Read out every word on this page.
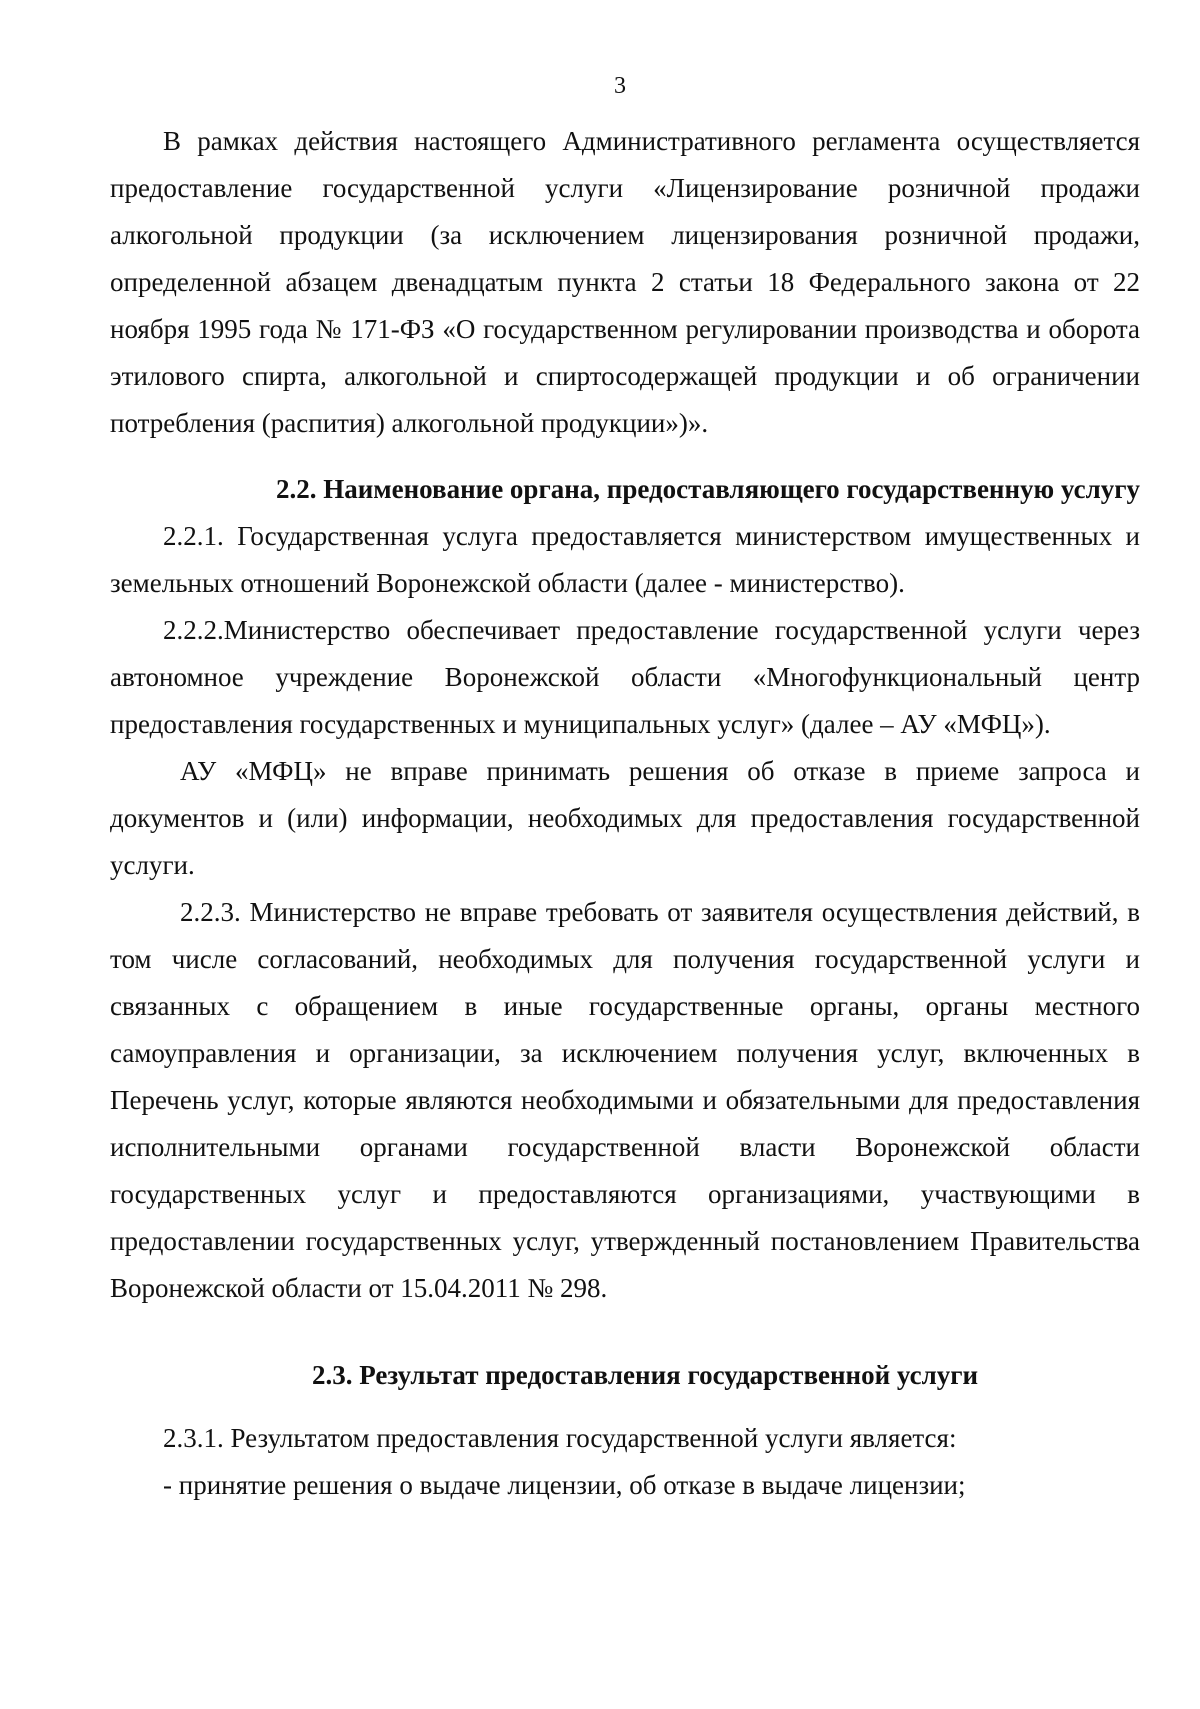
3

В рамках действия настоящего Административного регламента осуществляется предоставление государственной услуги «Лицензирование розничной продажи алкогольной продукции (за исключением лицензирования розничной продажи, определенной абзацем двенадцатым пункта 2 статьи 18 Федерального закона от 22 ноября 1995 года № 171-ФЗ «О государственном регулировании производства и оборота этилового спирта, алкогольной и спиртосодержащей продукции и об ограничении потребления (распития) алкогольной продукции»)».

2.2. Наименование органа, предоставляющего государственную услугу

2.2.1. Государственная услуга предоставляется министерством имущественных и земельных отношений Воронежской области (далее - министерство).

2.2.2.Министерство обеспечивает предоставление государственной услуги через автономное учреждение Воронежской области «Многофункциональный центр предоставления государственных и муниципальных услуг» (далее – АУ «МФЦ»).

АУ «МФЦ» не вправе принимать решения об отказе в приеме запроса и документов и (или) информации, необходимых для предоставления государственной услуги.

2.2.3. Министерство не вправе требовать от заявителя осуществления действий, в том числе согласований, необходимых для получения государственной услуги и связанных с обращением в иные государственные органы, органы местного самоуправления и организации, за исключением получения услуг, включенных в Перечень услуг, которые являются необходимыми и обязательными для предоставления исполнительными органами государственной власти Воронежской области государственных услуг и предоставляются организациями, участвующими в предоставлении государственных услуг, утвержденный постановлением Правительства Воронежской области от 15.04.2011 № 298.

2.3. Результат предоставления государственной услуги

2.3.1. Результатом предоставления государственной услуги является:

- принятие решения о выдаче лицензии, об отказе в выдаче лицензии;
